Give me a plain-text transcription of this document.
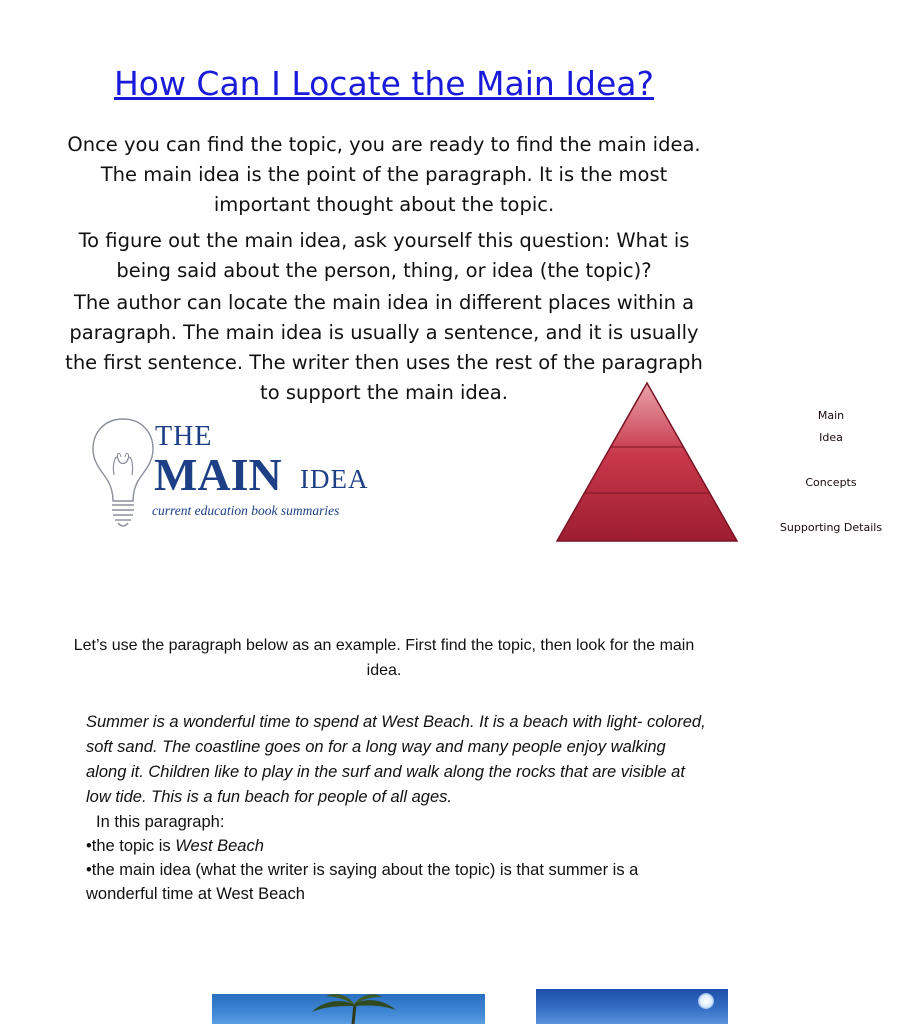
How Can I Locate the Main Idea?

Once you can find the topic, you are ready to find the main idea. The main idea is the point of the paragraph. It is the most important thought about the topic.

To figure out the main idea, ask yourself this question: What is being said about the person, thing, or idea (the topic)?

The author can locate the main idea in different places within a paragraph. The main idea is usually a sentence, and it is usually the first sentence. The writer then uses the rest of the paragraph to support the main idea.

THE
MAIN IDEA
current education book summaries
Main
Idea
Concepts
Supporting Details

Let’s use the paragraph below as an example. First find the topic, then look for the main idea.

Summer is a wonderful time to spend at West Beach. It is a beach with light- colored, soft sand. The coastline goes on for a long way and many people enjoy walking along it. Children like to play in the surf and walk along the rocks that are visible at low tide. This is a fun beach for people of all ages.

In this paragraph:

•the topic is West Beach

•the main idea (what the writer is saying about the topic) is that summer is a wonderful time at West Beach
